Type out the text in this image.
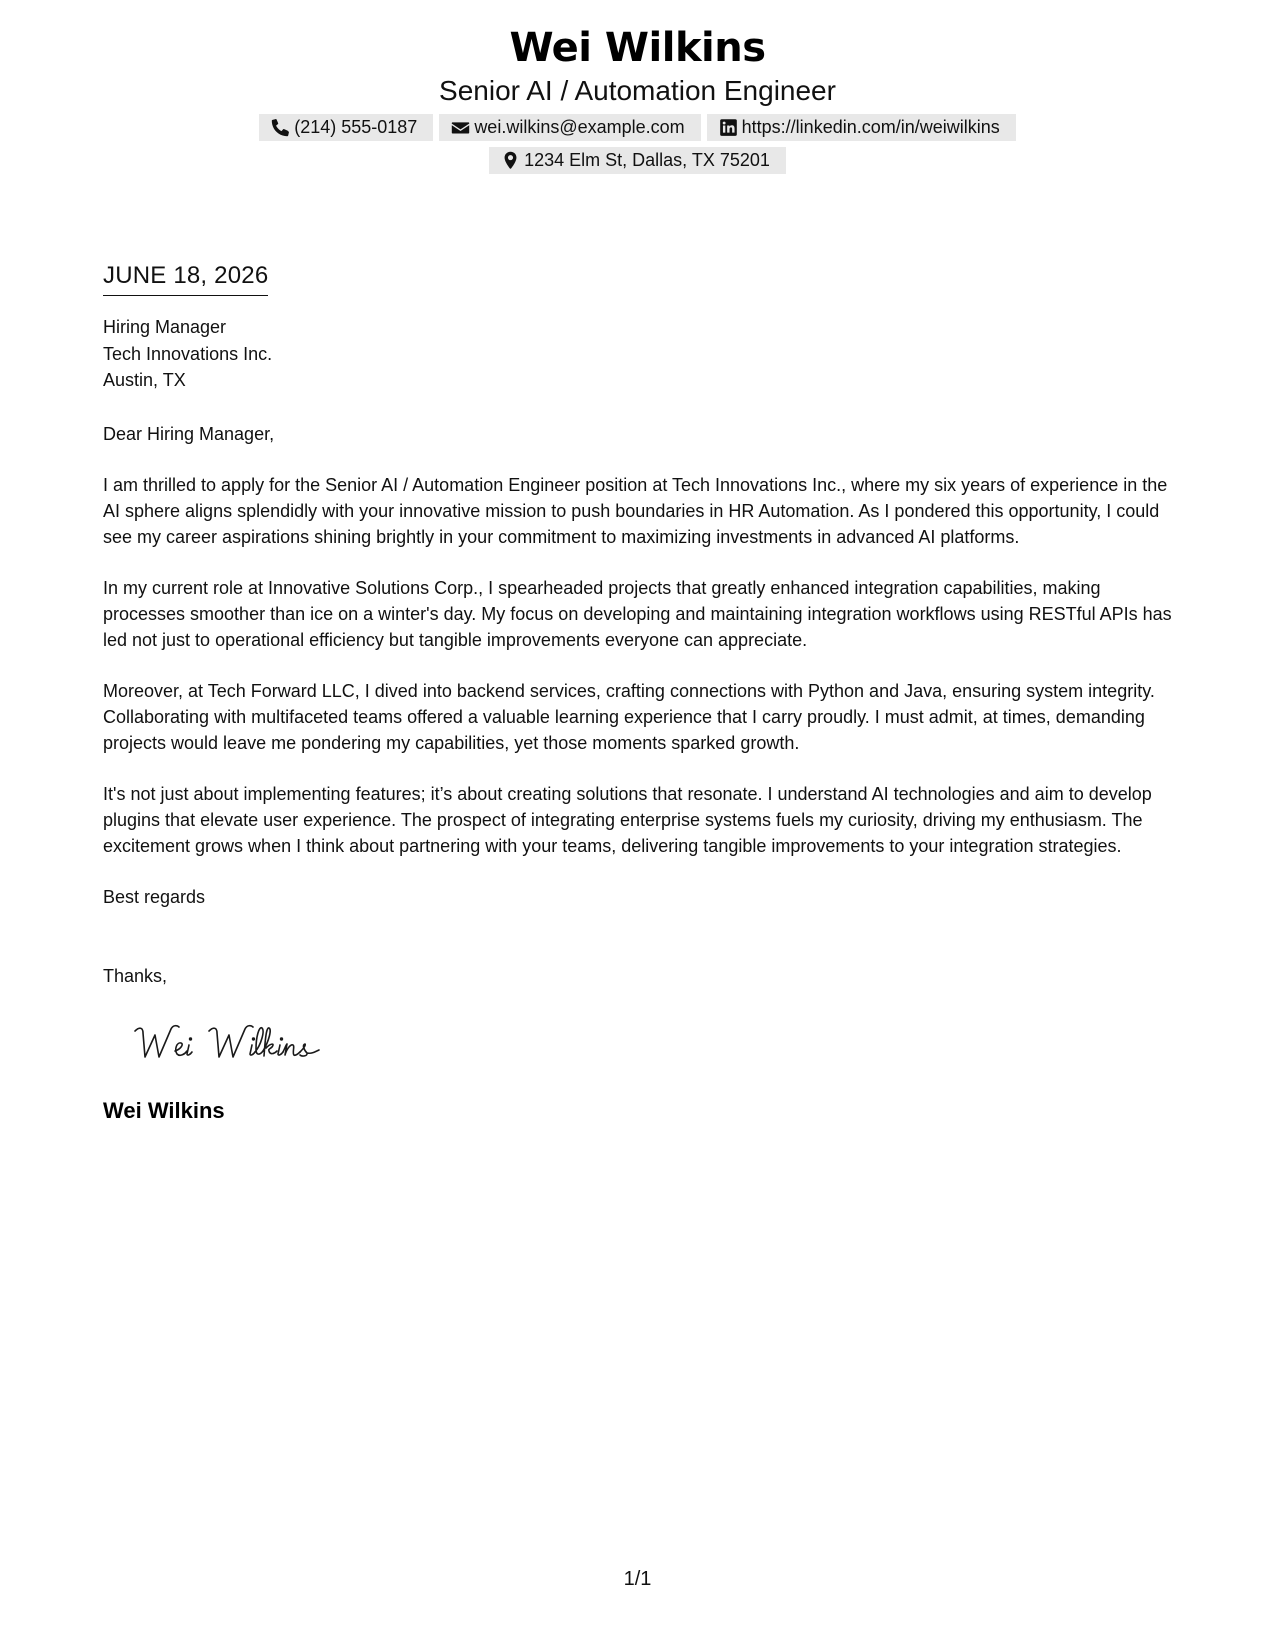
Wei Wilkins
Senior AI / Automation Engineer
(214) 555-0187	wei.wilkins@example.com	https://linkedin.com/in/weiwilkins
1234 Elm St, Dallas, TX 75201
JUNE 18, 2026
Hiring Manager
Tech Innovations Inc.
Austin, TX

Dear Hiring Manager,

I am thrilled to apply for the Senior AI / Automation Engineer position at Tech Innovations Inc., where my six years of experience in the AI sphere aligns splendidly with your innovative mission to push boundaries in HR Automation. As I pondered this opportunity, I could see my career aspirations shining brightly in your commitment to maximizing investments in advanced AI platforms.

In my current role at Innovative Solutions Corp., I spearheaded projects that greatly enhanced integration capabilities, making processes smoother than ice on a winter's day. My focus on developing and maintaining integration workflows using RESTful APIs has led not just to operational efficiency but tangible improvements everyone can appreciate.

Moreover, at Tech Forward LLC, I dived into backend services, crafting connections with Python and Java, ensuring system integrity. Collaborating with multifaceted teams offered a valuable learning experience that I carry proudly. I must admit, at times, demanding projects would leave me pondering my capabilities, yet those moments sparked growth.

It's not just about implementing features; it’s about creating solutions that resonate. I understand AI technologies and aim to develop plugins that elevate user experience. The prospect of integrating enterprise systems fuels my curiosity, driving my enthusiasm. The excitement grows when I think about partnering with your teams, delivering tangible improvements to your integration strategies.

Best regards

Thanks,

Wei Wilkins
1/1
